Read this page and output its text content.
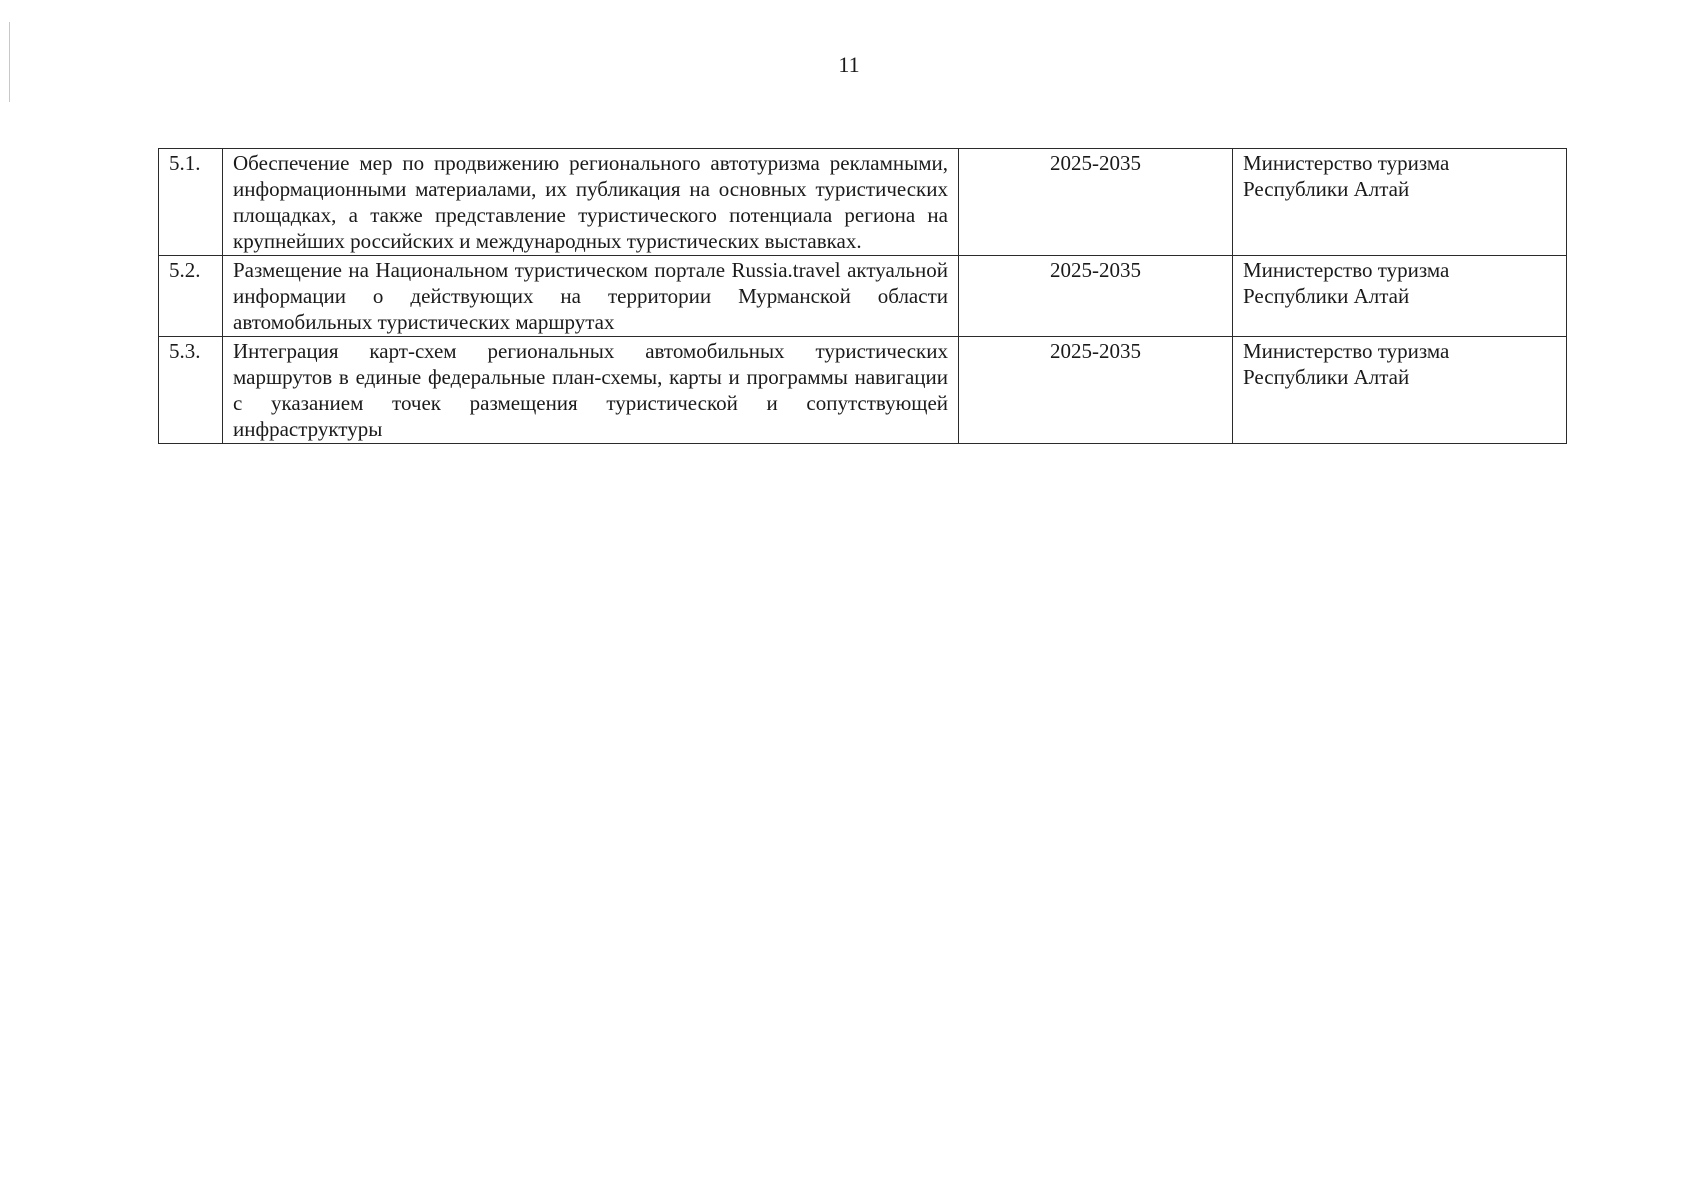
11
5.1.	Обеспечение мер по продвижению регионального автотуризма рекламными, информационными материалами, их публикация на основных туристических площадках, а также представление туристического потенциала региона на крупнейших российских и международных туристических выставках.	2025-2035	Министерство туризма
Республики Алтай

5.2.	Размещение на Национальном туристическом портале Russia.travel актуальной информации о действующих на территории Мурманской области автомобильных туристических маршрутах	2025-2035	Министерство туризма
Республики Алтай

5.3.	Интеграция карт-схем региональных автомобильных туристических маршрутов в единые федеральные план-схемы, карты и программы навигации с указанием точек размещения туристической и сопутствующей инфраструктуры	2025-2035	Министерство туризма
Республики Алтай
